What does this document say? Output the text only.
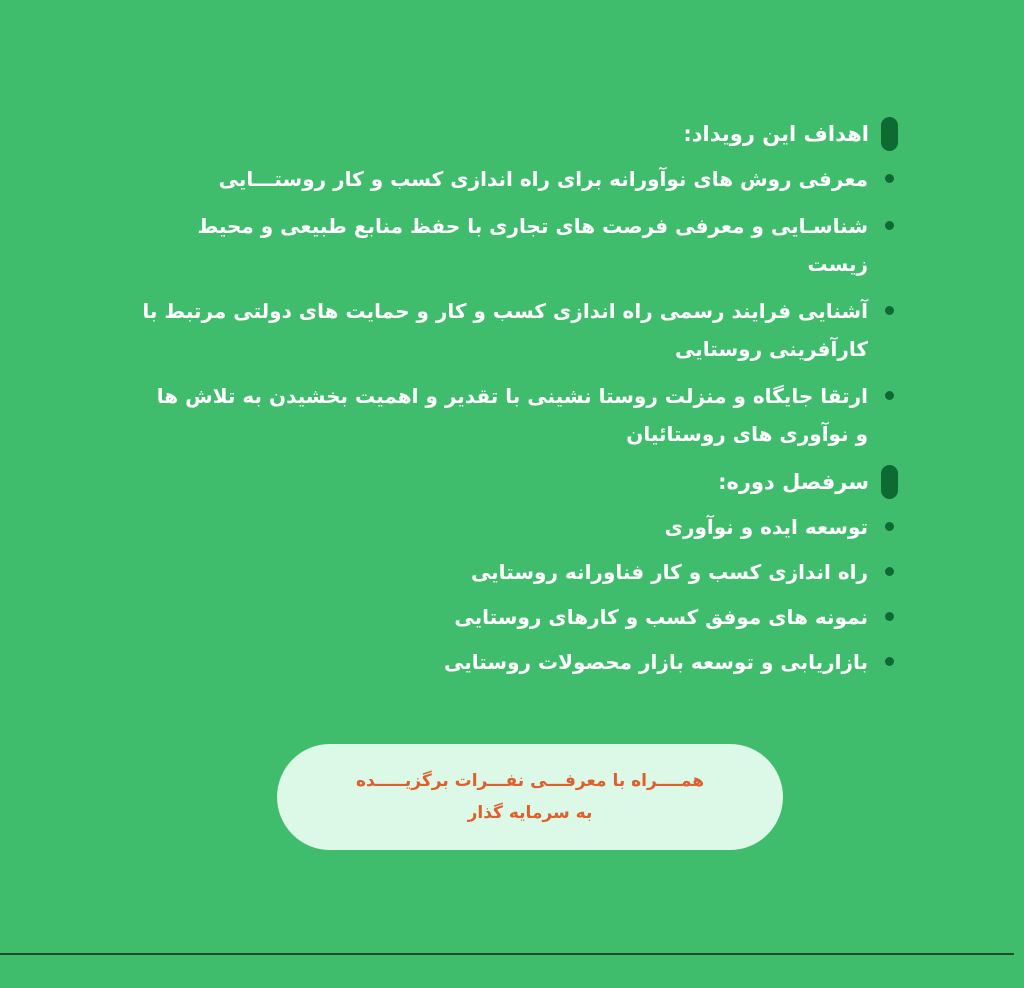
اهداف این رویداد:
معرفی روش های نوآورانه برای راه اندازی کسب و کار روستـــایی
شناسـایی و معرفی فرصت های تجاری با حفظ منابع طبیعی و محیط زیست
آشنایی فرایند رسمی راه اندازی کسب و کار و حمایت های دولتی مرتبط با کارآفرینی روستایی
ارتقا جایگاه و منزلت روستا نشینی با تقدیر و اهمیت بخشیدن به تلاش ها و نوآوری های روستائیان
سرفصل دوره:
توسعه ایده و نوآوری
راه اندازی کسب و کار فناورانه روستایی
نمونه های موفق کسب و کارهای روستایی
بازاریابی و توسعه بازار محصولات روستایی
همــــراه با معرفـــی نفـــرات برگزیـــــده
به سرمایه گذار
